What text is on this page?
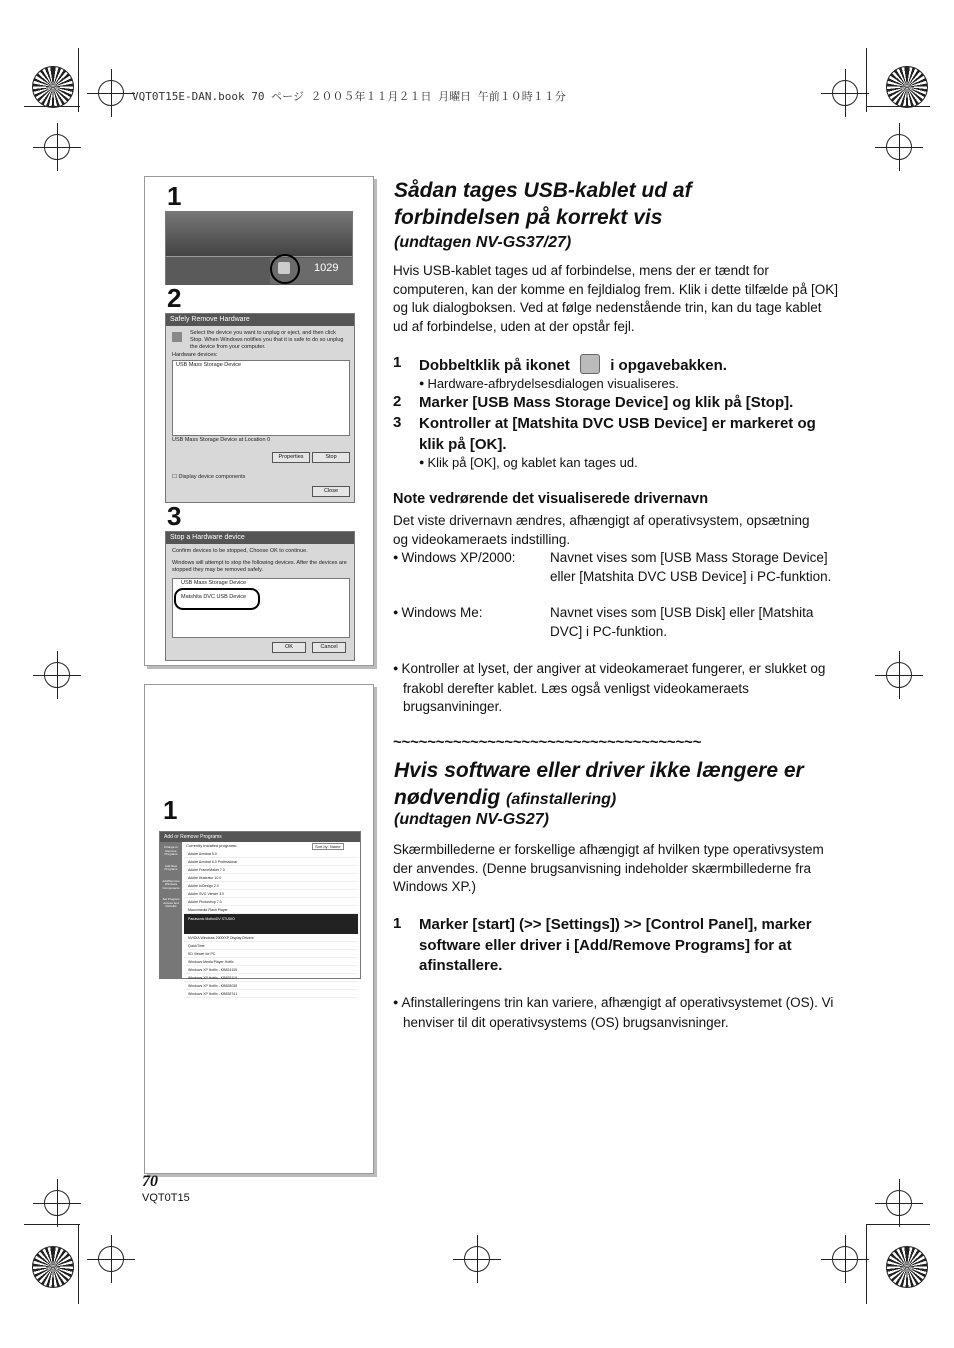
VQT0T15E-DAN.book 70 ページ ２００５年１１月２１日 月曜日 午前１０時１１分
1
1029
2
Safely Remove Hardware
Select the device you want to unplug or eject, and then click Stop. When Windows notifies you that it is safe to do so unplug the device from your computer.
Hardware devices:
USB Mass Storage Device
USB Mass Storage Device at Location 0
Properties	Stop
☐ Display device components
Close
3
Stop a Hardware device
Confirm devices to be stopped, Choose OK to continue.
Windows will attempt to stop the following devices. After the devices are stopped they may be removed safely.
USB Mass Storage Device
Matshita DVC USB Device
OK	Cancel
1
Add or Remove Programs
Change or Remove Programs
Add New Programs
Add/Remove Windows Components
Set Program Access and Defaults
Currently installed programs:	Sort by: Name
Adobe Acrobat 5.0
Adobe Acrobat 6.0 Professional
Adobe FrameMaker 7.0
Adobe Illustrator 10.0
Adobe InDesign 2.0
Adobe SVG Viewer 3.0
Adobe Photoshop 7.0
Macromedia Flash Player
Panasonic MotionDV STUDIO
NVIDIA Windows 2000/XP Display Drivers
QuickTime
SD Viewer for PC
Windows Media Player Hotfix
Windows XP Hotfix - KB824105
Windows XP Hotfix - KB825119
Windows XP Hotfix - KB828035
Windows XP Hotfix - KB828741
Sådan tages USB-kablet ud af
forbindelsen på korrekt vis
(undtagen NV-GS37/27)
Hvis USB-kablet tages ud af forbindelse, mens der er tændt for computeren, kan der komme en fejldialog frem. Klik i dette tilfælde på [OK] og luk dialogboksen. Ved at følge nedenstående trin, kan du tage kablet ud af forbindelse, uden at der opstår fejl.
1 Dobbeltklik på ikonet	i opgavebakken.
● Hardware-afbrydelsesdialogen visualiseres.
2 Marker [USB Mass Storage Device] og klik på [Stop].
3 Kontroller at [Matshita DVC USB Device] er markeret og klik på [OK].
● Klik på [OK], og kablet kan tages ud.
Note vedrørende det visualiserede drivernavn
Det viste drivernavn ændres, afhængigt af operativsystem, opsætning og videokameraets indstilling.
● Windows XP/2000:	Navnet vises som [USB Mass Storage Device] eller [Matshita DVC USB Device] i PC-funktion.
● Windows Me:	Navnet vises som [USB Disk] eller [Matshita DVC] i PC-funktion.
● Kontroller at lyset, der angiver at videokameraet fungerer, er slukket og frakobl derefter kablet. Læs også venligst videokameraets brugsanvininger.
~~~~~~~~~~~~~~~~~~~~~~~~~~~~~~~~~~~~
Hvis software eller driver ikke længere er
nødvendig (afinstallering)
(undtagen NV-GS27)
Skærmbillederne er forskellige afhængigt af hvilken type operativsystem der anvendes. (Denne brugsanvisning indeholder skærmbillederne fra Windows XP.)
1 Marker [start] (>> [Settings]) >> [Control Panel], marker software eller driver i [Add/Remove Programs] for at afinstallere.
● Afinstalleringens trin kan variere, afhængigt af operativsystemet (OS). Vi henviser til dit operativsystems (OS) brugsanvisninger.
70
VQT0T15
